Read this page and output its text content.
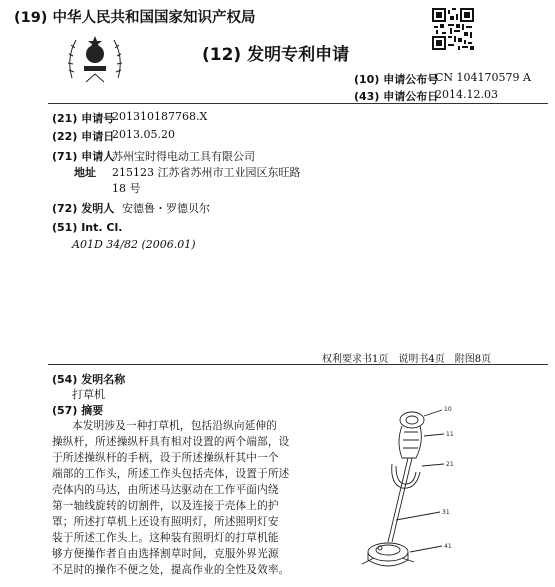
(19) 中华人民共和国国家知识产权局
(12) 发明专利申请
(10) 申请公布号
CN 104170579 A
(43) 申请公布日
2014.12.03
(21) 申请号
201310187768.X
(22) 申请日
2013.05.20
(71) 申请人
苏州宝时得电动工具有限公司
地址 215123 江苏省苏州市工业园区东旺路
18 号
(72) 发明人 安德鲁・罗德贝尔
(51) Int. Cl.
A01D 34/82 (2006.01)
权利要求书1页　说明书4页　附图8页
(54) 发明名称
打草机
(57) 摘要
本发明涉及一种打草机，包括沿纵向延伸的
操纵杆，所述操纵杆具有相对设置的两个端部，设
于所述操纵杆的手柄，设于所述操纵杆其中一个
端部的工作头，所述工作头包括壳体，设置于所述
壳体内的马达，由所述马达驱动在工作平面内绕
第一轴线旋转的切割件，以及连接于壳体上的护
罩；所述打草机上还设有照明灯，所述照明灯安
装于所述工作头上。这种装有照明灯的打草机能
够方便操作者自由选择割草时间，克服外界光源
不足时的操作不便之处，提高作业的全性及效率。
10
11
21
31
41
